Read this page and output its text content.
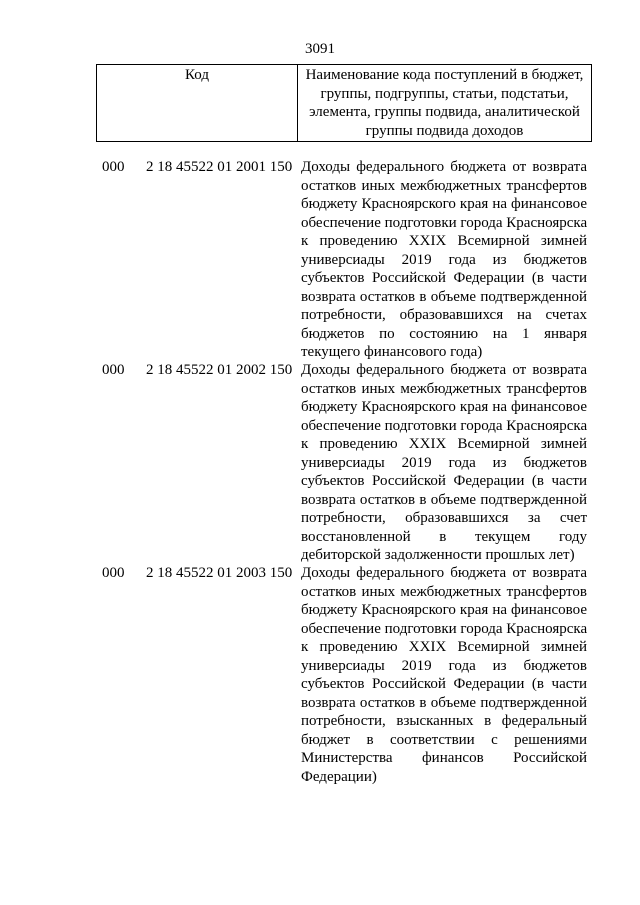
3091
Код	Наименование кода поступлений в бюджет,
группы, подгруппы, статьи, подстатьи,
элемента, группы подвида, аналитической
группы подвида доходов
000 2 18 45522 01 2001 150 Доходы федерального бюджета от возврата
остатков иных межбюджетных трансфертов
бюджету Красноярского края на финансовое
обеспечение подготовки города Красноярска
к проведению XXIX Всемирной зимней
универсиады 2019 года из бюджетов
субъектов Российской Федерации (в части
возврата остатков в объеме подтвержденной
потребности, образовавшихся на счетах
бюджетов по состоянию на 1 января
текущего финансового года)
000 2 18 45522 01 2002 150 Доходы федерального бюджета от возврата
остатков иных межбюджетных трансфертов
бюджету Красноярского края на финансовое
обеспечение подготовки города Красноярска
к проведению XXIX Всемирной зимней
универсиады 2019 года из бюджетов
субъектов Российской Федерации (в части
возврата остатков в объеме подтвержденной
потребности, образовавшихся за счет
восстановленной в текущем году
дебиторской задолженности прошлых лет)
000 2 18 45522 01 2003 150 Доходы федерального бюджета от возврата
остатков иных межбюджетных трансфертов
бюджету Красноярского края на финансовое
обеспечение подготовки города Красноярска
к проведению XXIX Всемирной зимней
универсиады 2019 года из бюджетов
субъектов Российской Федерации (в части
возврата остатков в объеме подтвержденной
потребности, взысканных в федеральный
бюджет в соответствии с решениями
Министерства финансов Российской
Федерации)
